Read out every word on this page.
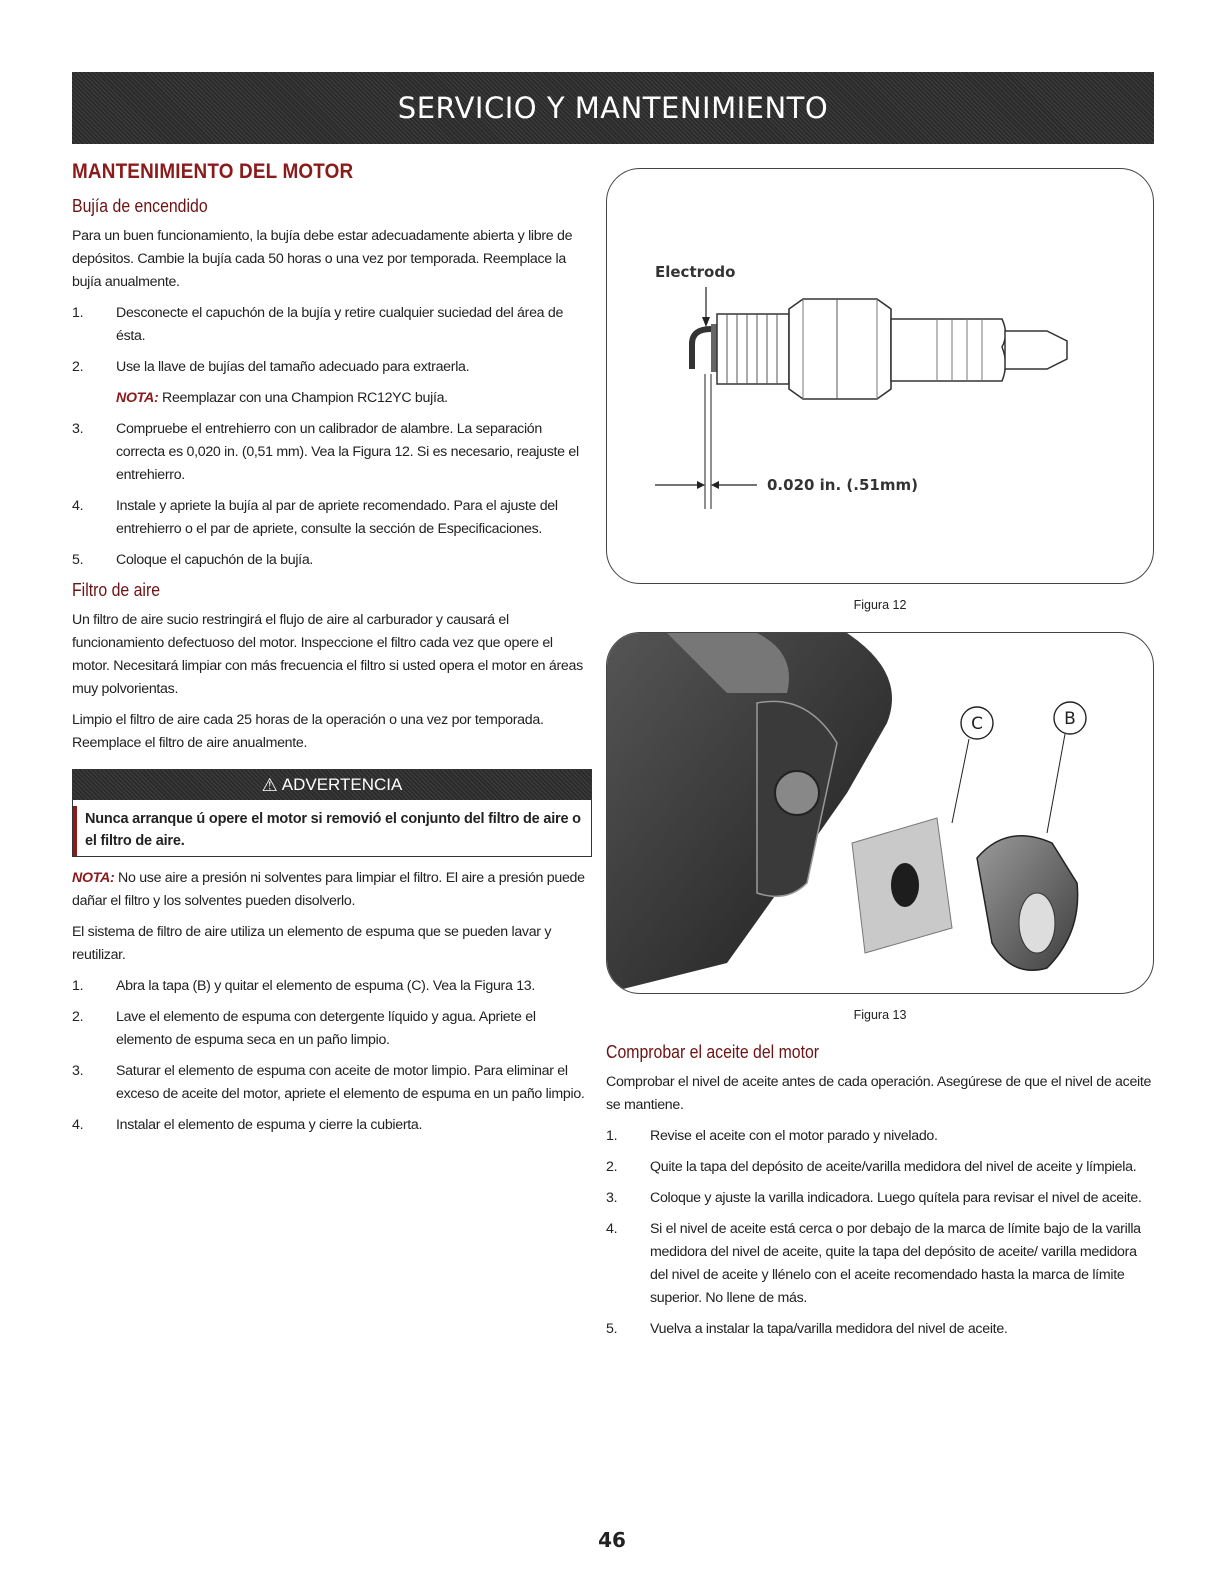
SERVICIO Y MANTENIMIENTO
MANTENIMIENTO DEL MOTOR
Bujía de encendido

Para un buen funcionamiento, la bujía debe estar adecuadamente abierta y libre de depósitos. Cambie la bujía cada 50 horas o una vez por temporada. Reemplace la bujía anualmente.

1.	Desconecte el capuchón de la bujía y retire cualquier suciedad del área de ésta.
2.	Use la llave de bujías del tamaño adecuado para extraerla.
NOTA: Reemplazar con una Champion RC12YC bujía.
3.	Compruebe el entrehierro con un calibrador de alambre. La separación correcta es 0,020 in. (0,51 mm). Vea la Figura 12. Si es necesario, reajuste el entrehierro.
4.	Instale y apriete la bujía al par de apriete recomendado. Para el ajuste del entrehierro o el par de apriete, consulte la sección de Especificaciones.
5.	Coloque el capuchón de la bujía.
Filtro de aire

Un filtro de aire sucio restringirá el flujo de aire al carburador y causará el funcionamiento defectuoso del motor. Inspeccione el filtro cada vez que opere el motor. Necesitará limpiar con más frecuencia el filtro si usted opera el motor en áreas muy polvorientas.

Limpio el filtro de aire cada 25 horas de la operación o una vez por temporada. Reemplace el filtro de aire anualmente.

⚠ ADVERTENCIA
Nunca arranque ú opere el motor si removió el conjunto del filtro de aire o el filtro de aire.

NOTA: No use aire a presión ni solventes para limpiar el filtro. El aire a presión puede dañar el filtro y los solventes pueden disolverlo.

El sistema de filtro de aire utiliza un elemento de espuma que se pueden lavar y reutilizar.

1.	Abra la tapa (B) y quitar el elemento de espuma (C). Vea la Figura 13.
2.	Lave el elemento de espuma con detergente líquido y agua. Apriete el elemento de espuma seca en un paño limpio.
3.	Saturar el elemento de espuma con aceite de motor limpio. Para eliminar el exceso de aceite del motor, apriete el elemento de espuma en un paño limpio.
4.	Instalar el elemento de espuma y cierre la cubierta.
Electrodo
0.020 in. (.51mm)
Figura 12
C	B
Figura 13
Comprobar el aceite del motor

Comprobar el nivel de aceite antes de cada operación. Asegúrese de que el nivel de aceite se mantiene.

1.	Revise el aceite con el motor parado y nivelado.
2.	Quite la tapa del depósito de aceite/varilla medidora del nivel de aceite y límpiela.
3.	Coloque y ajuste la varilla indicadora. Luego quítela para revisar el nivel de aceite.
4.	Si el nivel de aceite está cerca o por debajo de la marca de límite bajo de la varilla medidora del nivel de aceite, quite la tapa del depósito de aceite/ varilla medidora del nivel de aceite y llénelo con el aceite recomendado hasta la marca de límite superior. No llene de más.
5.	Vuelva a instalar la tapa/varilla medidora del nivel de aceite.
46
